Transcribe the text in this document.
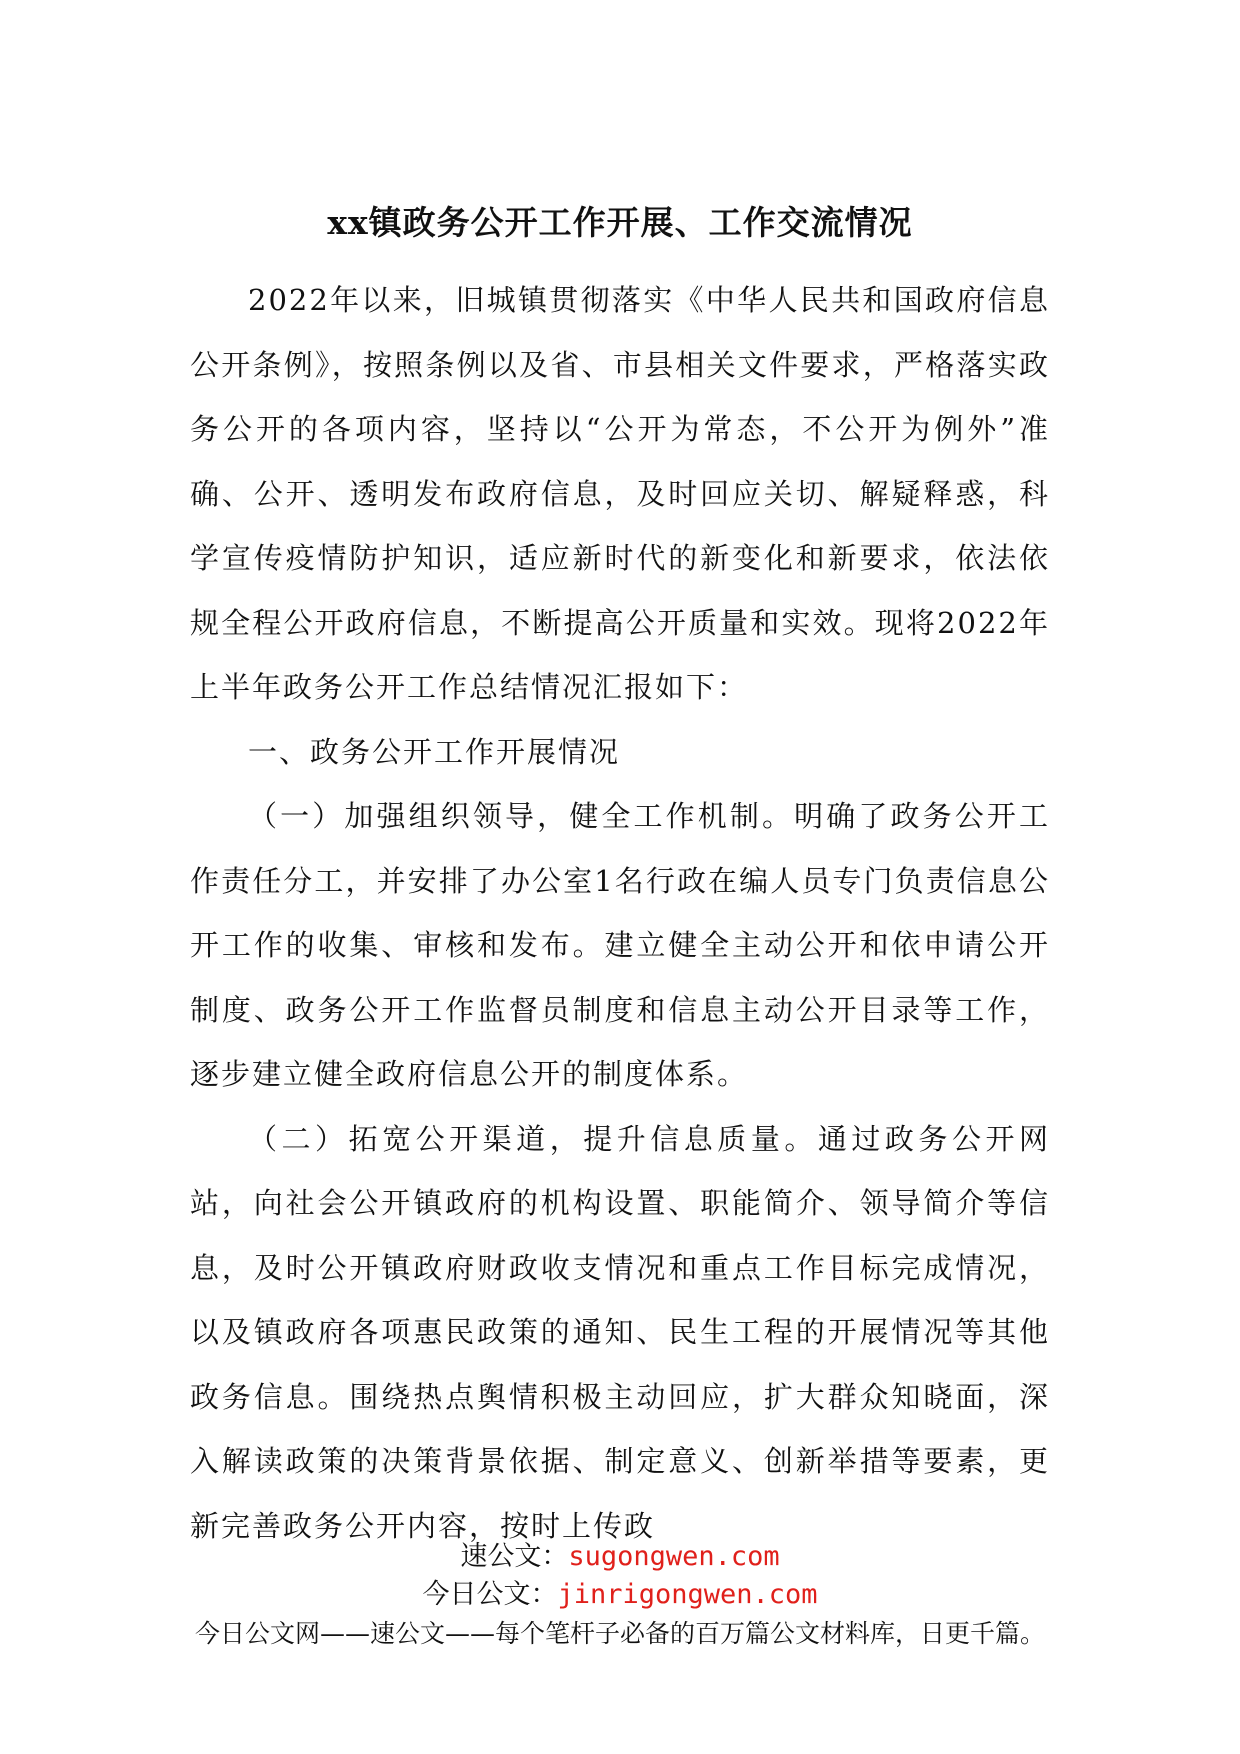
xx镇政务公开工作开展、工作交流情况

2022年以来，旧城镇贯彻落实《中华人民共和国政府信息公开条例》，按照条例以及省、市县相关文件要求，严格落实政务公开的各项内容，坚持以“公开为常态，不公开为例外”准确、公开、透明发布政府信息，及时回应关切、解疑释惑，科学宣传疫情防护知识，适应新时代的新变化和新要求，依法依规全程公开政府信息，不断提高公开质量和实效。现将2022年上半年政务公开工作总结情况汇报如下：

一、政务公开工作开展情况

（一）加强组织领导，健全工作机制。明确了政务公开工作责任分工，并安排了办公室1名行政在编人员专门负责信息公开工作的收集、审核和发布。建立健全主动公开和依申请公开制度、政务公开工作监督员制度和信息主动公开目录等工作，逐步建立健全政府信息公开的制度体系。

（二）拓宽公开渠道，提升信息质量。通过政务公开网站，向社会公开镇政府的机构设置、职能简介、领导简介等信息，及时公开镇政府财政收支情况和重点工作目标完成情况，以及镇政府各项惠民政策的通知、民生工程的开展情况等其他政务信息。围绕热点舆情积极主动回应，扩大群众知晓面，深入解读政策的决策背景依据、制定意义、创新举措等要素，更新完善政务公开内容，按时上传政

速公文：sugongwen.com
今日公文：jinrigongwen.com
今日公文网——速公文——每个笔杆子必备的百万篇公文材料库，日更千篇。
